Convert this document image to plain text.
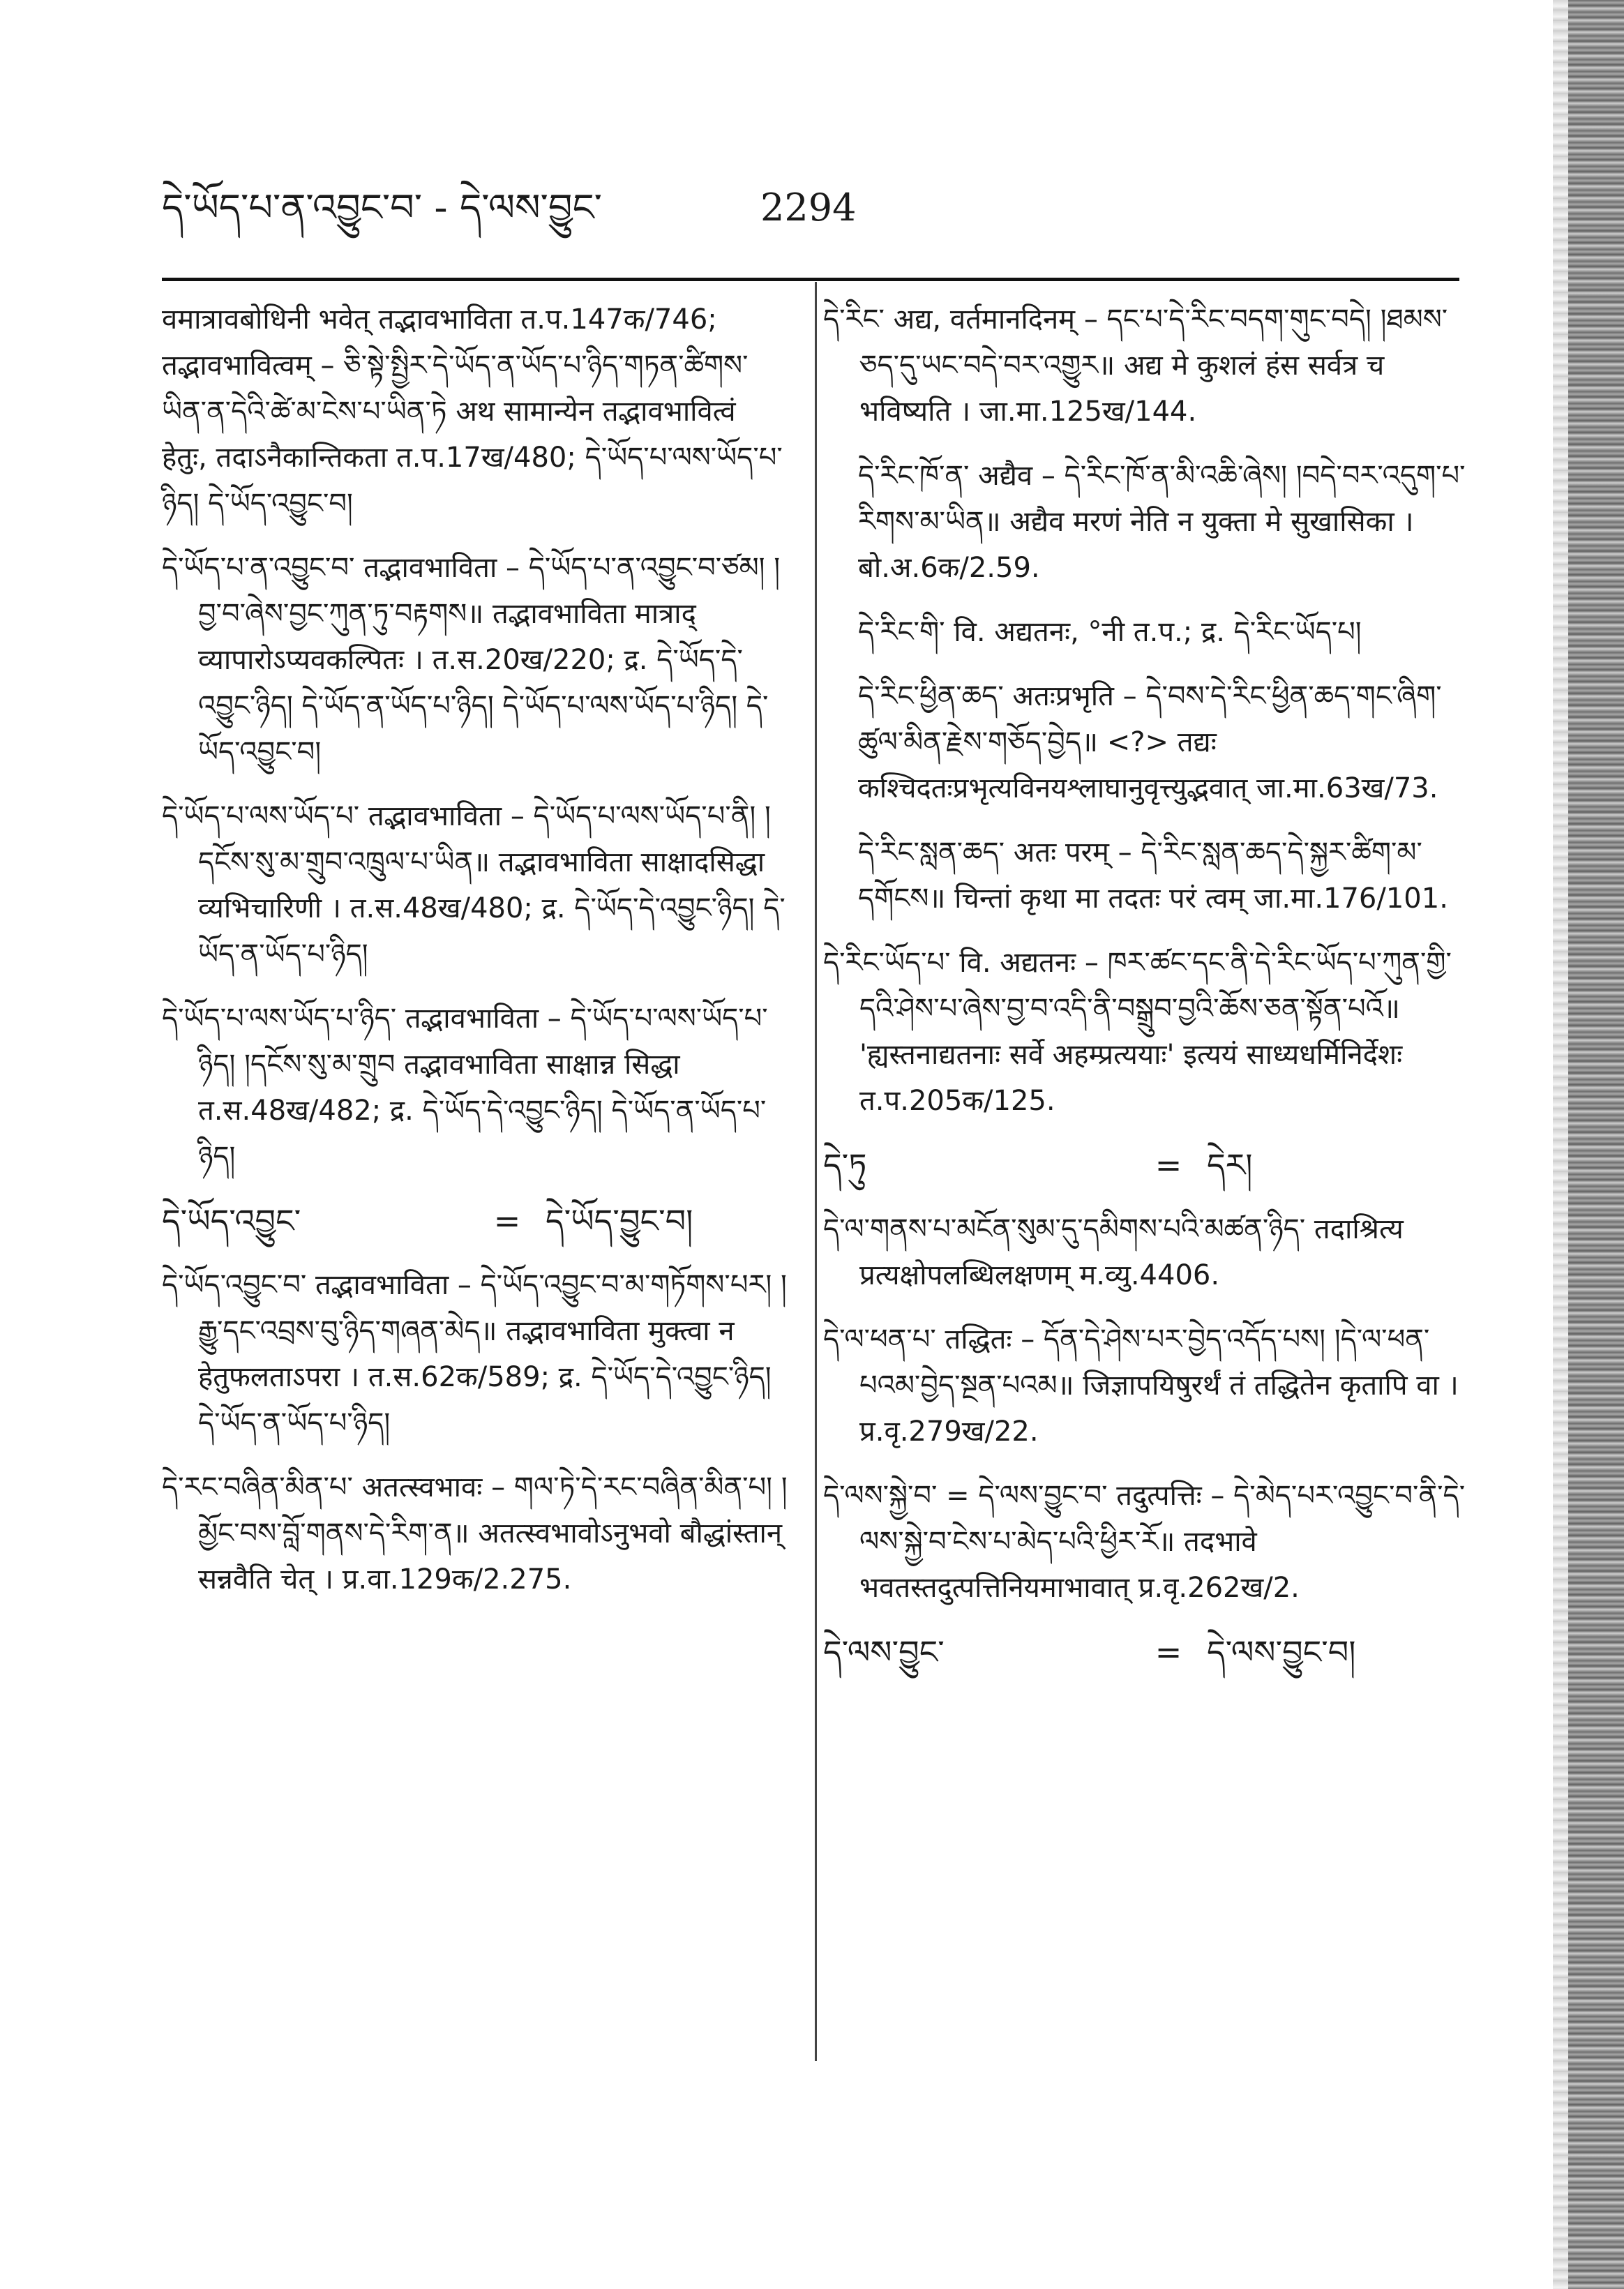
དེ་ཡོད་པ་ན་འབྱུང་བ་ - དེ་ལས་བྱུང་	2294

वमात्रावबोधिनी भवेत् तद्भावभाविता त.प.147क/746; तद्भावभावित्वम् – ཅི་སྟེ་སྤྱིར་དེ་ཡོད་ན་ཡོད་པ་ཉིད་གཏན་ཚིགས་ཡིན་ན་དེའི་ཚེ་མ་ངེས་པ་ཡིན་ཏེ अथ सामान्येन तद्भावभावित्वं हेतुः, तदाऽनैकान्तिकता त.प.17ख/480; དེ་ཡོད་པ་ལས་ཡོད་པ་ཉིད། དེ་ཡོད་འབྱུང་བ།

དེ་ཡོད་པ་ན་འབྱུང་བ་ तद्भावभाविता – དེ་ཡོད་པ་ན་འབྱུང་བ་ཙམ། །བྱ་བ་ཞེས་བྱང་ཀུན་ཏུ་བརྟགས॥ तद्भावभाविता मात्राद् व्यापारोऽप्यवकल्पितः । त.स.20ख/220; द्र. དེ་ཡོད་དེ་འབྱུང་ཉིད། དེ་ཡོད་ན་ཡོད་པ་ཉིད། དེ་ཡོད་པ་ལས་ཡོད་པ་ཉིད། དེ་ཡོད་འབྱུང་བ།

དེ་ཡོད་པ་ལས་ཡོད་པ་ तद्भावभाविता – དེ་ཡོད་པ་ལས་ཡོད་པ་ནི། །དངོས་སུ་མ་གྲུབ་འཁྲུལ་པ་ཡིན॥ तद्भावभाविता साक्षादसिद्धा व्यभिचारिणी । त.स.48ख/480; द्र. དེ་ཡོད་དེ་འབྱུང་ཉིད། དེ་ཡོད་ན་ཡོད་པ་ཉིད།

དེ་ཡོད་པ་ལས་ཡོད་པ་ཉིད་ तद्भावभाविता – དེ་ཡོད་པ་ལས་ཡོད་པ་ཉིད། །དངོས་སུ་མ་གྲུབ तद्भावभाविता साक्षान्न सिद्धा त.स.48ख/482; द्र. དེ་ཡོད་དེ་འབྱུང་ཉིད། དེ་ཡོད་ན་ཡོད་པ་ཉིད།

དེ་ཡོད་འབྱུང་	= དེ་ཡོད་བྱུང་བ།

དེ་ཡོད་འབྱུང་བ་ तद्भावभाविता – དེ་ཡོད་འབྱུང་བ་མ་གཏོགས་པར། །རྒྱུ་དང་འབྲས་བུ་ཉིད་གཞན་མེད॥ तद्भावभाविता मुक्त्वा न हेतुफलताऽपरा । त.स.62क/589; द्र. དེ་ཡོད་དེ་འབྱུང་ཉིད། དེ་ཡོད་ན་ཡོད་པ་ཉིད།

དེ་རང་བཞིན་མིན་པ་ अतत्स्वभावः – གལ་ཏེ་དེ་རང་བཞིན་མིན་པ། །མྱོང་བས་བློ་གནས་དེ་རིག་ན॥ अतत्स्वभावोऽनुभवो बौद्धांस्तान् सन्नवैति चेत् । प्र.वा.129क/2.275.

དེ་རིང་ अद्य, वर्तमानदिनम् – དང་པ་དེ་རིང་བདག་གུང་བདེ། །ཐམས་ཅད་དུ་ཡང་བདེ་བར་འགྱུར॥ अद्य मे कुशलं हंस सर्वत्र च भविष्यति । जा.मा.125ख/144.

དེ་རིང་ཁོ་ན་ अद्यैव – དེ་རིང་ཁོ་ན་མི་འཆི་ཞེས། །བདེ་བར་འདུག་པ་རིགས་མ་ཡིན॥ अद्यैव मरणं नेति न युक्ता मे सुखासिका । बो.अ.6क/2.59.

དེ་རིང་གི་ वि. अद्यतनः, °नी त.प.; द्र. དེ་རིང་ཡོད་པ།

དེ་རིང་ཕྱིན་ཆད་ अतःप्रभृति – དེ་བས་དེ་རིང་ཕྱིན་ཆད་གང་ཞིག་ཚུལ་མིན་རྗེས་གཅོད་བྱེད॥ <?> तद्यः कश्चिदतःप्रभृत्यविनयश्लाघानुवृत्त्युद्भवात् जा.मा.63ख/73.

དེ་རིང་སླན་ཆད་ अतः परम् – དེ་རིང་སླན་ཆད་དེ་སྐྱར་ཚིག་མ་དགོངས॥ चिन्तां कृथा मा तदतः परं त्वम् जा.मा.176/101.

དེ་རིང་ཡོད་པ་ वि. अद्यतनः – ཁར་ཚང་དང་ནི་དེ་རིང་ཡོད་པ་ཀུན་གྱི་དའི་ཤེས་པ་ཞེས་བྱ་བ་འདི་ནི་བསྒྲུབ་བྱའི་ཆོས་ཅན་སྟོན་པའོ॥ 'ह्यस्तनाद्यतनाः सर्वे अहम्प्रत्ययाः' इत्ययं साध्यधर्मिनिर्देशः त.प.205क/125.

དེ་ཏུ	= དེར།

དེ་ལ་གནས་པ་མངོན་སུམ་དུ་དམིགས་པའི་མཚན་ཉིད་ तदाश्रित्य प्रत्यक्षोपलब्धिलक्षणम् म.व्यु.4406.

དེ་ལ་ཕན་པ་ तद्धितः – དོན་དེ་ཤེས་པར་བྱེད་འདོད་པས། །དེ་ལ་ཕན་པའམ་བྱེད་སྔན་པའམ॥ जिज्ञापयिषुरर्थं तं तद्धितेन कृतापि वा । प्र.वृ.279ख/22.

དེ་ལས་སྐྱེ་བ་ = དེ་ལས་བྱུང་བ་ तदुत्पत्तिः – དེ་མེད་པར་འབྱུང་བ་ནི་དེ་ལས་སྐྱེ་བ་ངེས་པ་མེད་པའི་ཕྱིར་རོ॥ तदभावे भवतस्तदुत्पत्तिनियमाभावात् प्र.वृ.262ख/2.

དེ་ལས་བྱུང་	= དེ་ལས་བྱུང་བ།
